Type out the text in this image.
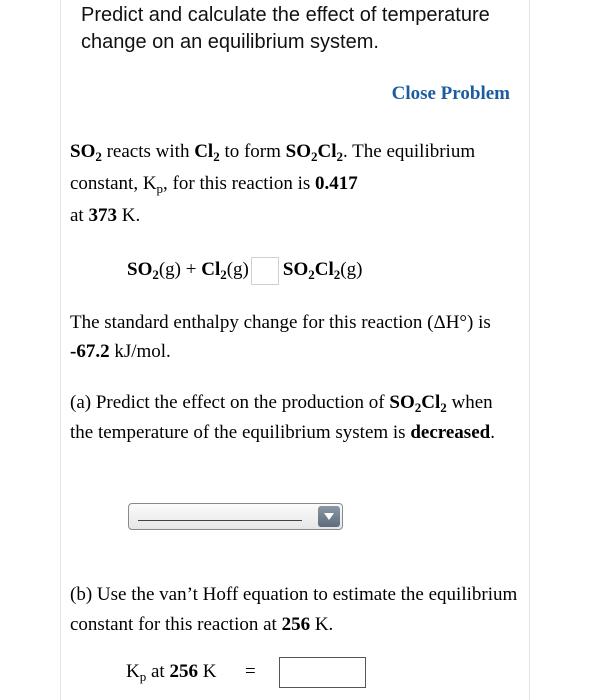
Predict and calculate the effect of temperature change on an equilibrium system.
Close Problem
$SO_2$ reacts with $Cl_2$ to form $SO_2Cl_2$. The equilibrium constant, $K_p$, for this reaction is 0.417
at 373 K.
$SO_2(g) + Cl_2(g)$ $SO_2Cl_2(g)$
The standard enthalpy change for this reaction (ΔH°) is -67.2 kJ/mol.
(a) Predict the effect on the production of $SO_2Cl_2$ when the temperature of the equilibrium system is decreased.
(b) Use the van’t Hoff equation to estimate the equilibrium constant for this reaction at 256 K.
$K_p$ at 256 K =
